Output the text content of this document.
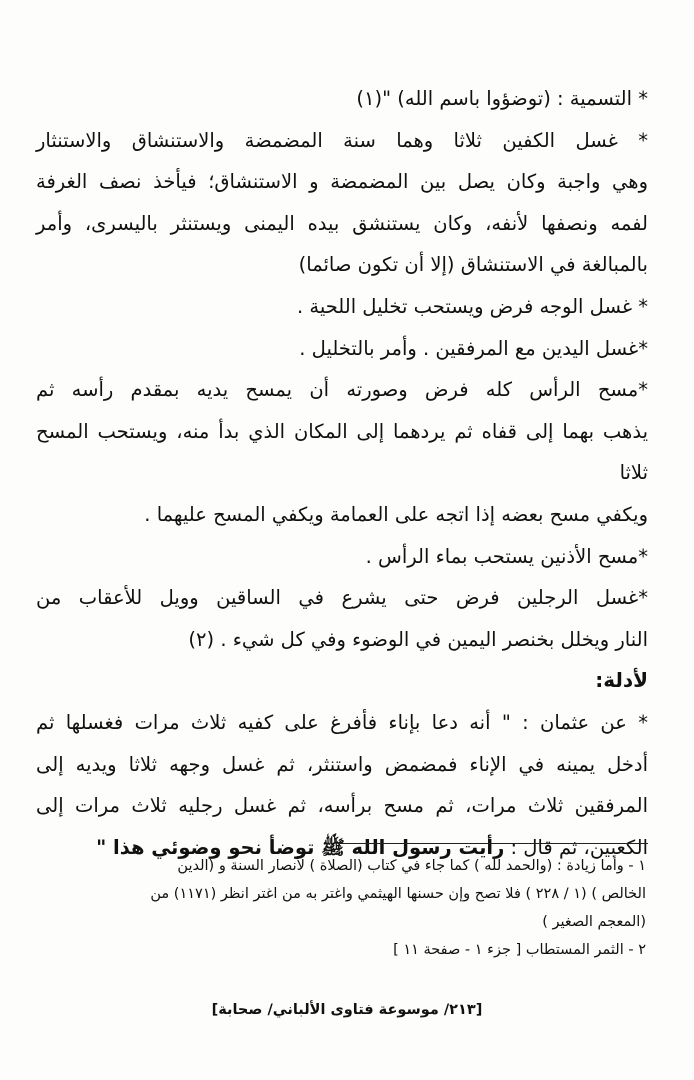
* التسمية : (توضؤوا باسم الله) "(١)

* غسل الكفين ثلاثا وهما سنة المضمضة والاستنشاق والاستنثار

وهي واجبة وكان يصل بين المضمضة و الاستنشاق؛ فيأخذ نصف الغرفة

لفمه ونصفها لأنفه، وكان يستنشق بيده اليمنى ويستنثر باليسرى، وأمر

بالمبالغة في الاستنشاق (إلا أن تكون صائما)

* غسل الوجه فرض ويستحب تخليل اللحية .

*غسل اليدين مع المرفقين . وأمر بالتخليل .

*مسح الرأس كله فرض وصورته أن يمسح يديه بمقدم رأسه ثم

يذهب بهما إلى قفاه ثم يردهما إلى المكان الذي بدأ منه، ويستحب المسح ثلاثا

ويكفي مسح بعضه إذا اتجه على العمامة ويكفي المسح عليهما .

*مسح الأذنين يستحب بماء الرأس .

*غسل الرجلين فرض حتى يشرع في الساقين وويل للأعقاب من

النار ويخلل بخنصر اليمين في الوضوء وفي كل شيء . (٢)

لأدلة:

* عن عثمان : " أنه دعا بإناء فأفرغ على كفيه ثلاث مرات فغسلها ثم

أدخل يمينه في الإناء فمضمض واستنثر، ثم غسل وجهه ثلاثا ويديه إلى

المرفقين ثلاث مرات، ثم مسح برأسه، ثم غسل رجليه ثلاث مرات إلى

الكعبين، ثم قال : رأيت رسول الله ﷺ توضأ نحو وضوئي هذا "

١ - وأما زيادة : (والحمد لله ) كما جاء في كتاب (الصلاة ) لأنصار السنة و (الدين

الخالص ) (١ / ٢٢٨ ) فلا تصح وإن حسنها الهيثمي واغتر به من اغتر انظر (١١٧١) من

(المعجم الصغير )

٢ - الثمر المستطاب [ جزء ١ - صفحة ١١ ]

[٢١٣/ موسوعة فتاوى الألباني/ صحابة]
